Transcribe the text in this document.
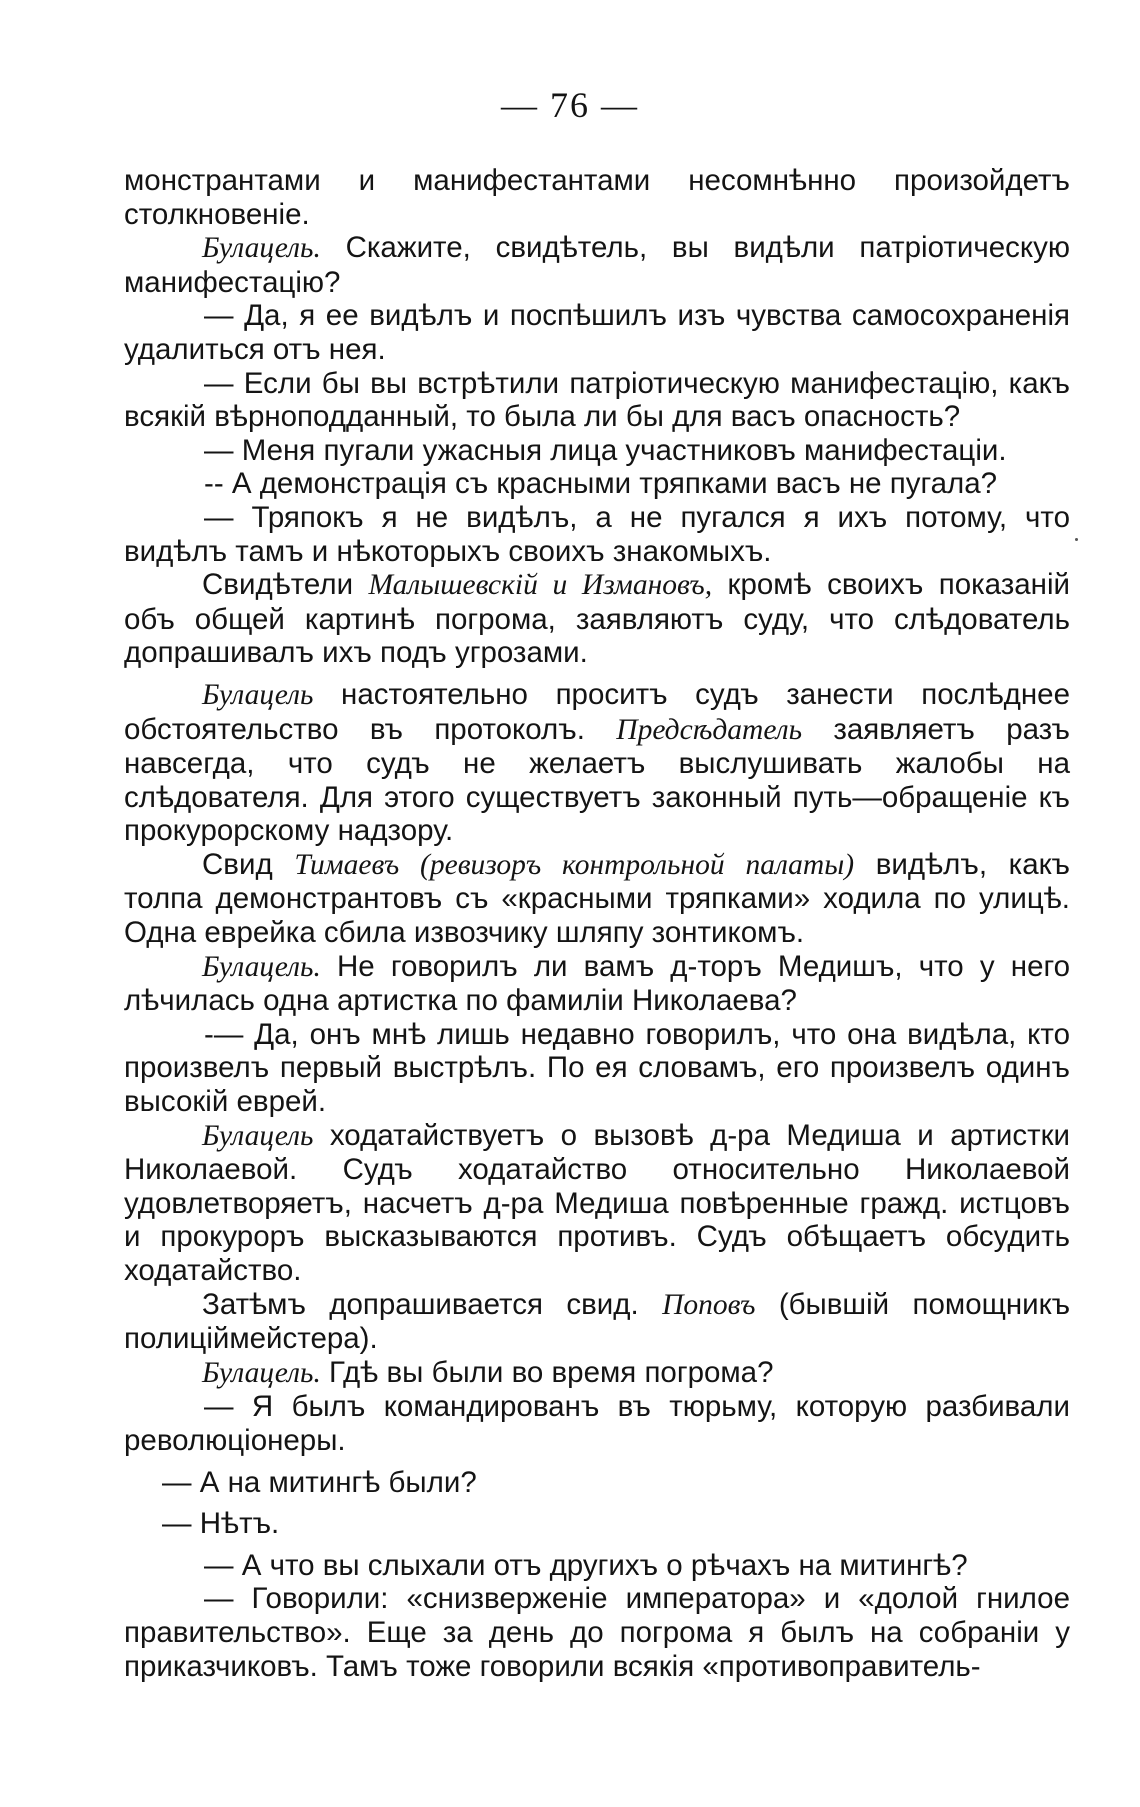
— 76 —

монстрантами и манифестантами несомнѣнно произойдетъ столкновеніе.

Булацель. Скажите, свидѣтель, вы видѣли патріотическую манифестацію?

— Да, я ее видѣлъ и поспѣшилъ изъ чувства самосохраненія удалиться отъ нея.

— Если бы вы встрѣтили патріотическую манифестацію, какъ всякій вѣрноподданный, то была ли бы для васъ опасность?

— Меня пугали ужасныя лица участниковъ манифестаціи.

-- А демонстрація съ красными тряпками васъ не пугала?

— Тряпокъ я не видѣлъ, а не пугался я ихъ потому, что видѣлъ тамъ и нѣкоторыхъ своихъ знакомыхъ.

Свидѣтели Малышевскій и Измановъ, кромѣ своихъ показаній объ общей картинѣ погрома, заявляютъ суду, что слѣдователь допрашивалъ ихъ подъ угрозами.

Булацель настоятельно проситъ судъ занести послѣднее обстоятельство въ протоколъ. Предсѣдатель заявляетъ разъ навсегда, что судъ не желаетъ выслушивать жалобы на слѣдователя. Для этого существуетъ законный путь—обращеніе къ прокурорскому надзору.

Свид Тимаевъ (ревизоръ контрольной палаты) видѣлъ, какъ толпа демонстрантовъ съ «красными тряпками» ходила по улицѣ. Одна еврейка сбила извозчику шляпу зонтикомъ.

Булацель. Не говорилъ ли вамъ д-торъ Медишъ, что у него лѣчилась одна артистка по фамиліи Николаева?

-— Да, онъ мнѣ лишь недавно говорилъ, что она видѣла, кто произвелъ первый выстрѣлъ. По ея словамъ, его произвелъ одинъ высокій еврей.

Булацель ходатайствуетъ о вызовѣ д-ра Медиша и артистки Николаевой. Судъ ходатайство относительно Николаевой удовлетворяетъ, насчетъ д-ра Медиша повѣренные гражд. истцовъ и прокуроръ высказываются противъ. Судъ обѣщаетъ обсудить ходатайство.

Затѣмъ допрашивается свид. Поповъ (бывшій помощникъ полиціймейстера).

Булацель. Гдѣ вы были во время погрома?

— Я былъ командированъ въ тюрьму, которую разбивали революціонеры.

— А на митингѣ были?

— Нѣтъ.

— А что вы слыхали отъ другихъ о рѣчахъ на митингѣ?

— Говорили: «снизверженіе императора» и «долой гнилое правительство». Еще за день до погрома я былъ на собраніи у приказчиковъ. Тамъ тоже говорили всякія «противоправитель-
